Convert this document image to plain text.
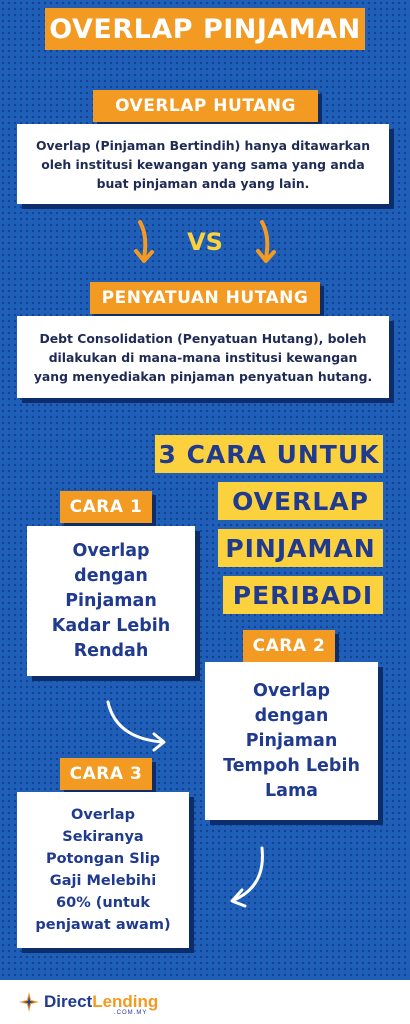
OVERLAP PINJAMAN
OVERLAP HUTANG

Overlap (Pinjaman Bertindih) hanya ditawarkan oleh institusi kewangan yang sama yang anda buat pinjaman anda yang lain.

VS
PENYATUAN HUTANG

Debt Consolidation (Penyatuan Hutang), boleh dilakukan di mana-mana institusi kewangan yang menyediakan pinjaman penyatuan hutang.

3 CARA UNTUK
OVERLAP
PINJAMAN
PERIBADI
CARA 1

Overlap dengan Pinjaman Kadar Lebih Rendah	CARA 2

Overlap dengan Pinjaman Tempoh Lebih Lama

CARA 3

Overlap Sekiranya Potongan Slip Gaji Melebihi 60% (untuk penjawat awam)

DirectLending
.COM.MY
